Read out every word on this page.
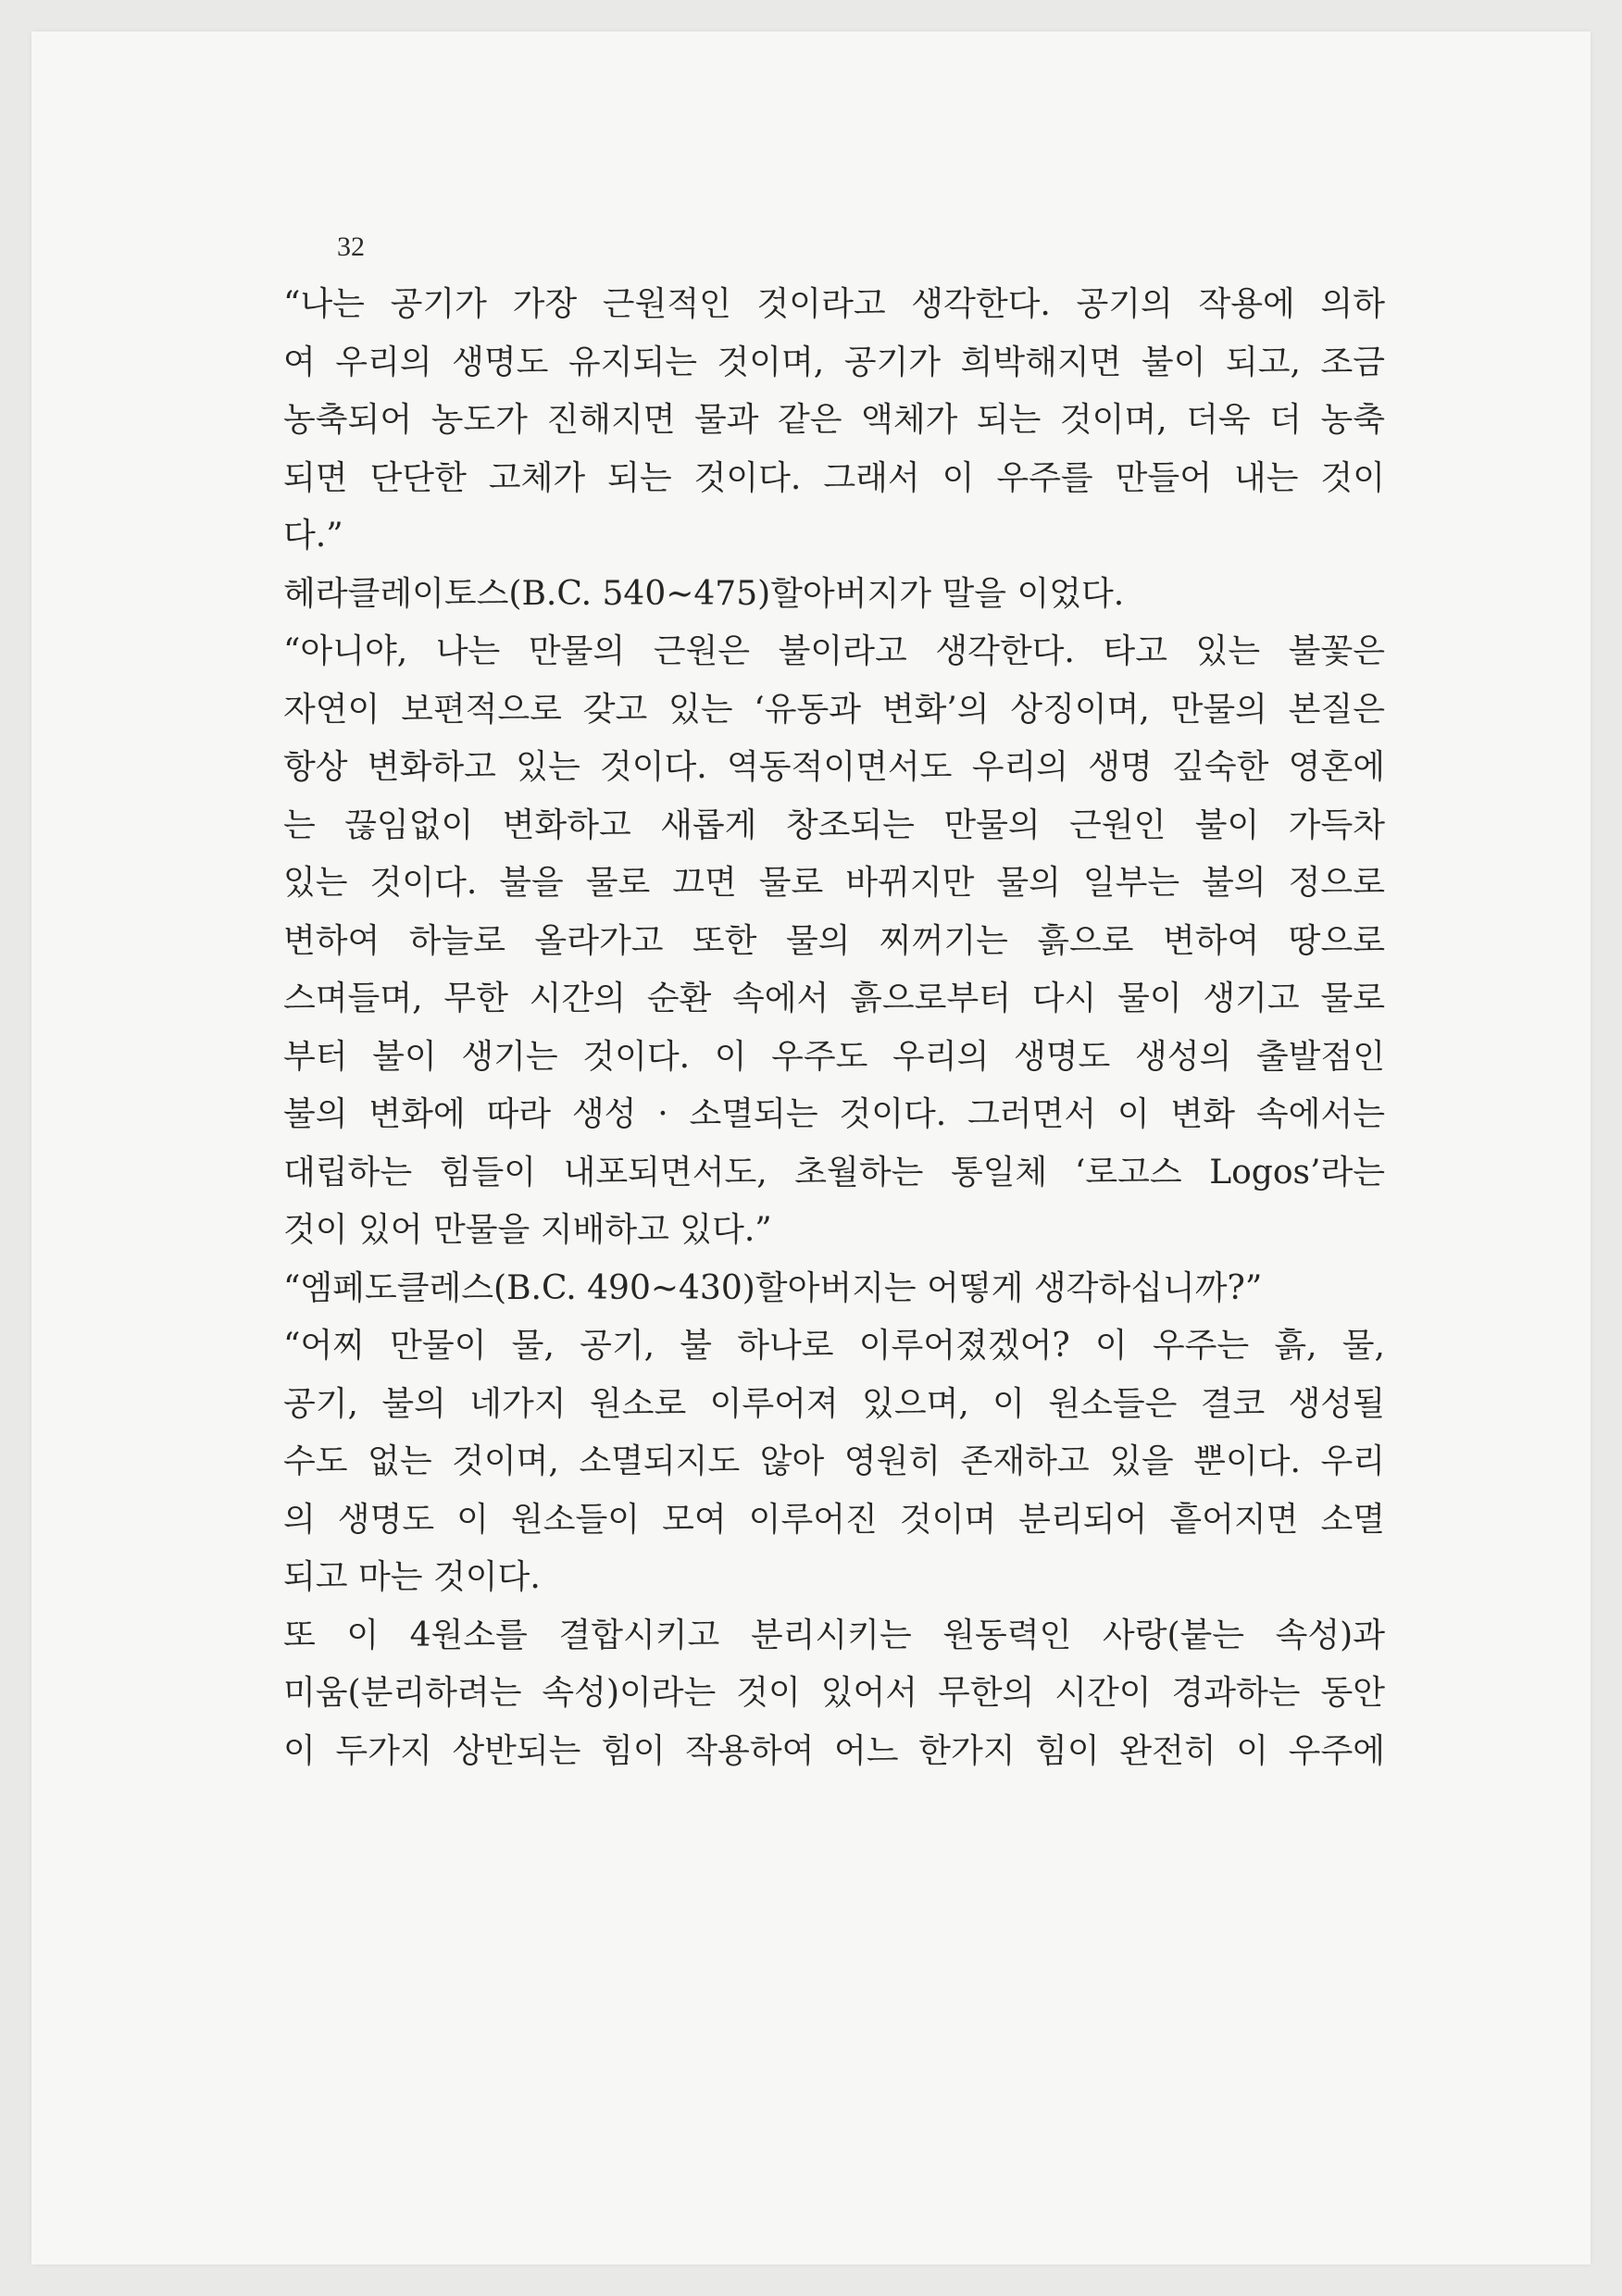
32
“나는 공기가 가장 근원적인 것이라고 생각한다. 공기의 작용에 의하
여 우리의 생명도 유지되는 것이며, 공기가 희박해지면 불이 되고, 조금
농축되어 농도가 진해지면 물과 같은 액체가 되는 것이며, 더욱 더 농축
되면 단단한 고체가 되는 것이다. 그래서 이 우주를 만들어 내는 것이
다.”
헤라클레이토스(B.C. 540~475)할아버지가 말을 이었다.
“아니야, 나는 만물의 근원은 불이라고 생각한다. 타고 있는 불꽃은
자연이 보편적으로 갖고 있는 ‘유동과 변화’의 상징이며, 만물의 본질은
항상 변화하고 있는 것이다. 역동적이면서도 우리의 생명 깊숙한 영혼에
는 끊임없이 변화하고 새롭게 창조되는 만물의 근원인 불이 가득차
있는 것이다. 불을 물로 끄면 물로 바뀌지만 물의 일부는 불의 정으로
변하여 하늘로 올라가고 또한 물의 찌꺼기는 흙으로 변하여 땅으로
스며들며, 무한 시간의 순환 속에서 흙으로부터 다시 물이 생기고 물로
부터 불이 생기는 것이다. 이 우주도 우리의 생명도 생성의 출발점인
불의 변화에 따라 생성 · 소멸되는 것이다. 그러면서 이 변화 속에서는
대립하는 힘들이 내포되면서도, 초월하는 통일체 ‘로고스 Logos’라는
것이 있어 만물을 지배하고 있다.”
“엠페도클레스(B.C. 490~430)할아버지는 어떻게 생각하십니까?”
“어찌 만물이 물, 공기, 불 하나로 이루어졌겠어? 이 우주는 흙, 물,
공기, 불의 네가지 원소로 이루어져 있으며, 이 원소들은 결코 생성될
수도 없는 것이며, 소멸되지도 않아 영원히 존재하고 있을 뿐이다. 우리
의 생명도 이 원소들이 모여 이루어진 것이며 분리되어 흩어지면 소멸
되고 마는 것이다.
또 이 4원소를 결합시키고 분리시키는 원동력인 사랑(붙는 속성)과
미움(분리하려는 속성)이라는 것이 있어서 무한의 시간이 경과하는 동안
이 두가지 상반되는 힘이 작용하여 어느 한가지 힘이 완전히 이 우주에
